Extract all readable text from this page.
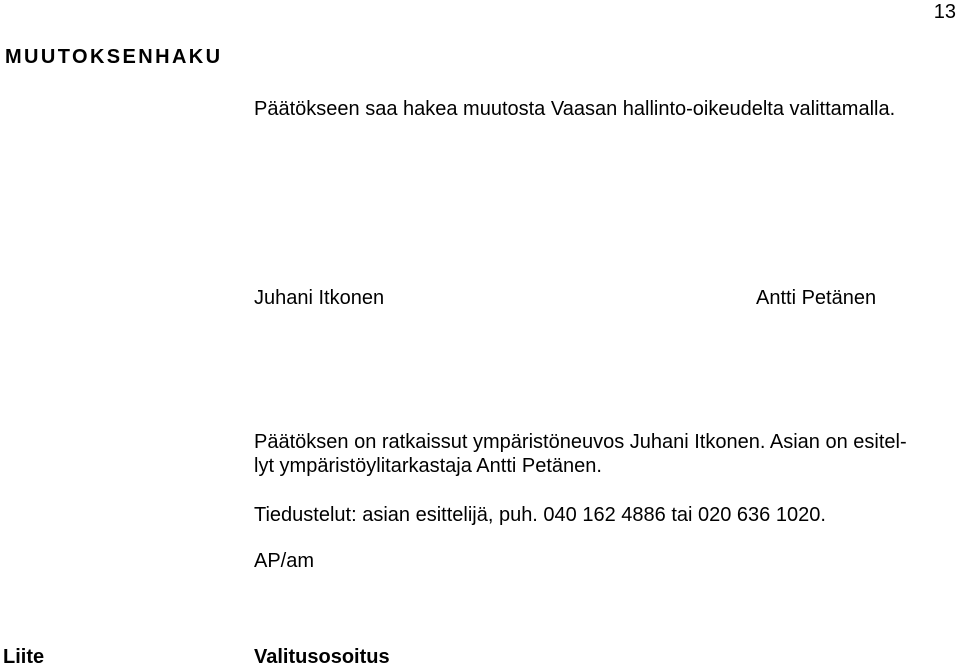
13
MUUTOKSENHAKU
Päätökseen saa hakea muutosta Vaasan hallinto-oikeudelta valittamalla.
Juhani Itkonen	Antti Petänen
Päätöksen on ratkaissut ympäristöneuvos Juhani Itkonen. Asian on esitel-
lyt ympäristöylitarkastaja Antti Petänen.
Tiedustelut: asian esittelijä, puh. 040 162 4886 tai 020 636 1020.
AP/am
Liite	Valitusosoitus
